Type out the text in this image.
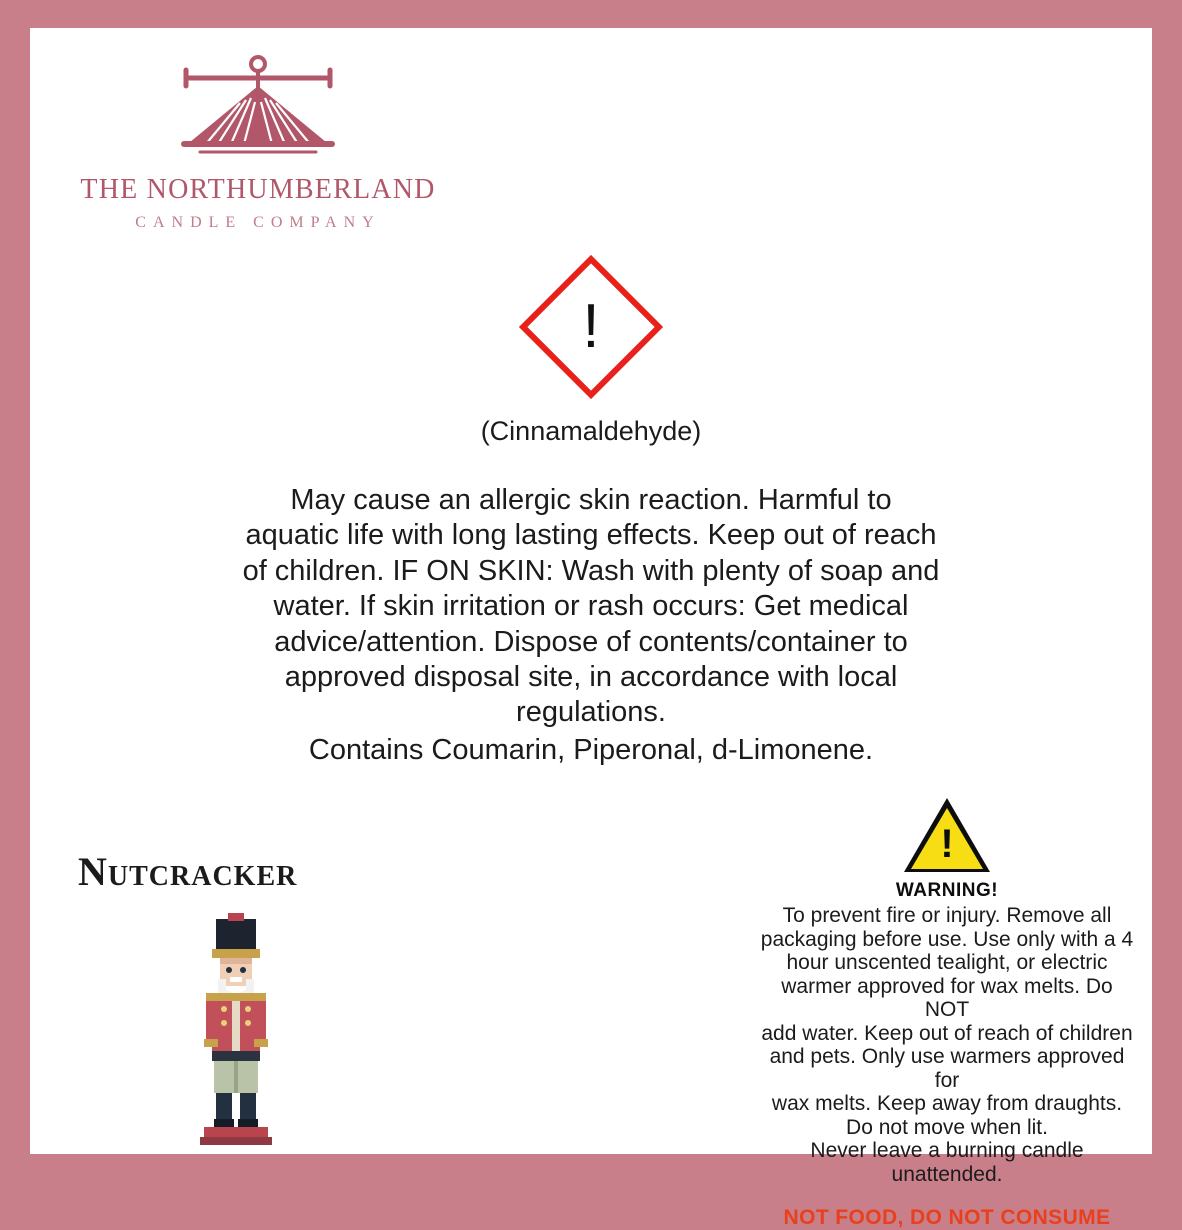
THE NORTHUMBERLAND
CANDLE COMPANY
!
(Cinnamaldehyde)
May cause an allergic skin reaction. Harmful to aquatic life with long lasting effects. Keep out of reach of children. IF ON SKIN: Wash with plenty of soap and water. If skin irritation or rash occurs: Get medical advice/attention. Dispose of contents/container to approved disposal site, in accordance with local regulations.
Contains Coumarin, Piperonal, d-Limonene.
Nutcracker
!
WARNING!
To prevent fire or injury. Remove all
packaging before use. Use only with a 4
hour unscented tealight, or electric
warmer approved for wax melts. Do NOT
add water. Keep out of reach of children
and pets. Only use warmers approved for
wax melts. Keep away from draughts.
Do not move when lit.
Never leave a burning candle unattended.
NOT FOOD, DO NOT CONSUME
